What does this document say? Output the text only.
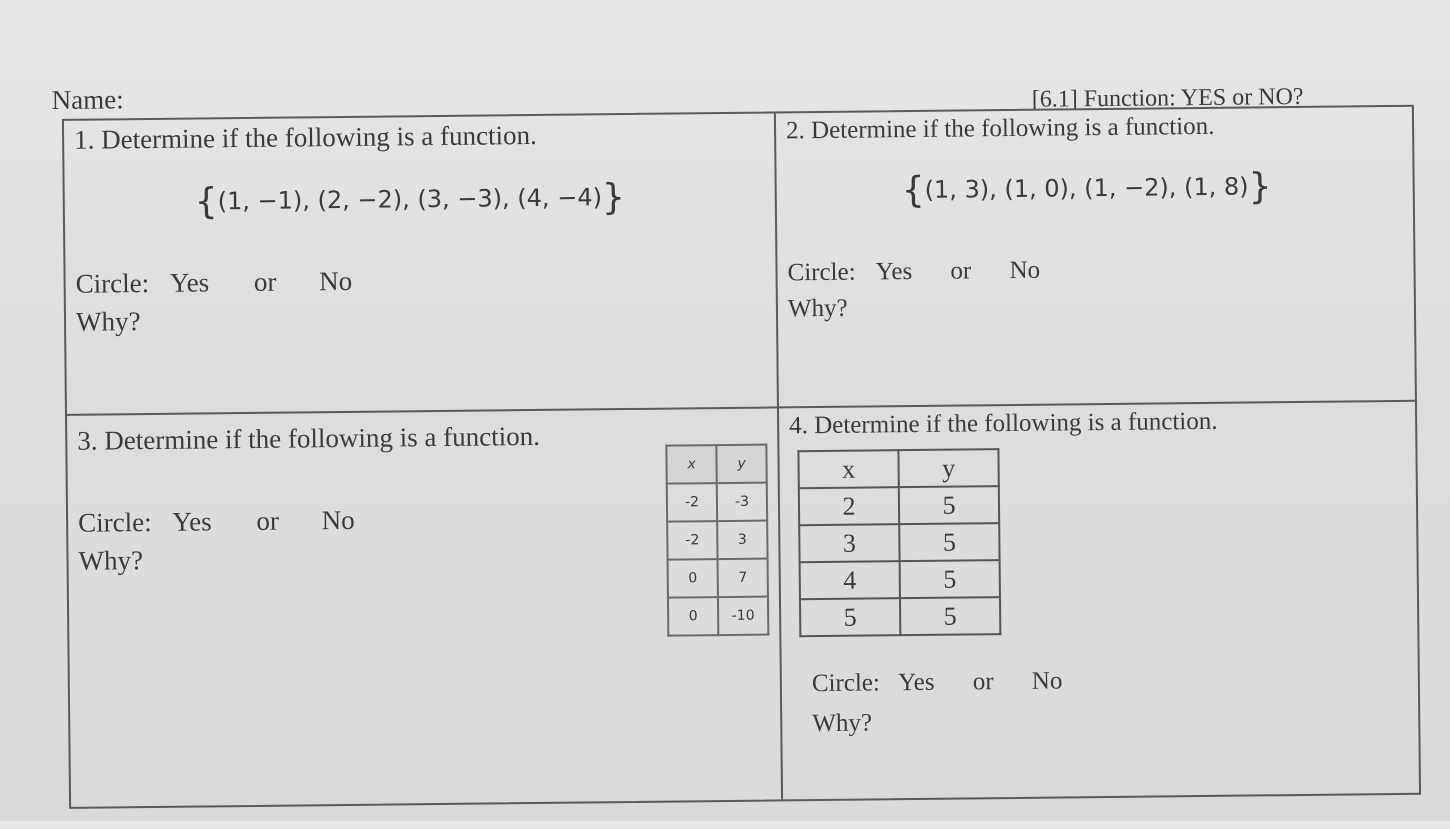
Name:	[6.1] Function: YES or NO?
1. Determine if the following is a function.
{(1, −1), (2, −2), (3, −3), (4, −4)}
Circle: Yes or No
Why?
2. Determine if the following is a function.
{(1, 3), (1, 0), (1, −2), (1, 8)}
Circle: Yes or No
Why?
3. Determine if the following is a function.
Circle: Yes or No
Why?
x	y
-2	-3
-2	3
0	7
0	-10
4. Determine if the following is a function.
x	y
2	5
3	5
4	5
5	5
Circle: Yes or No
Why?
